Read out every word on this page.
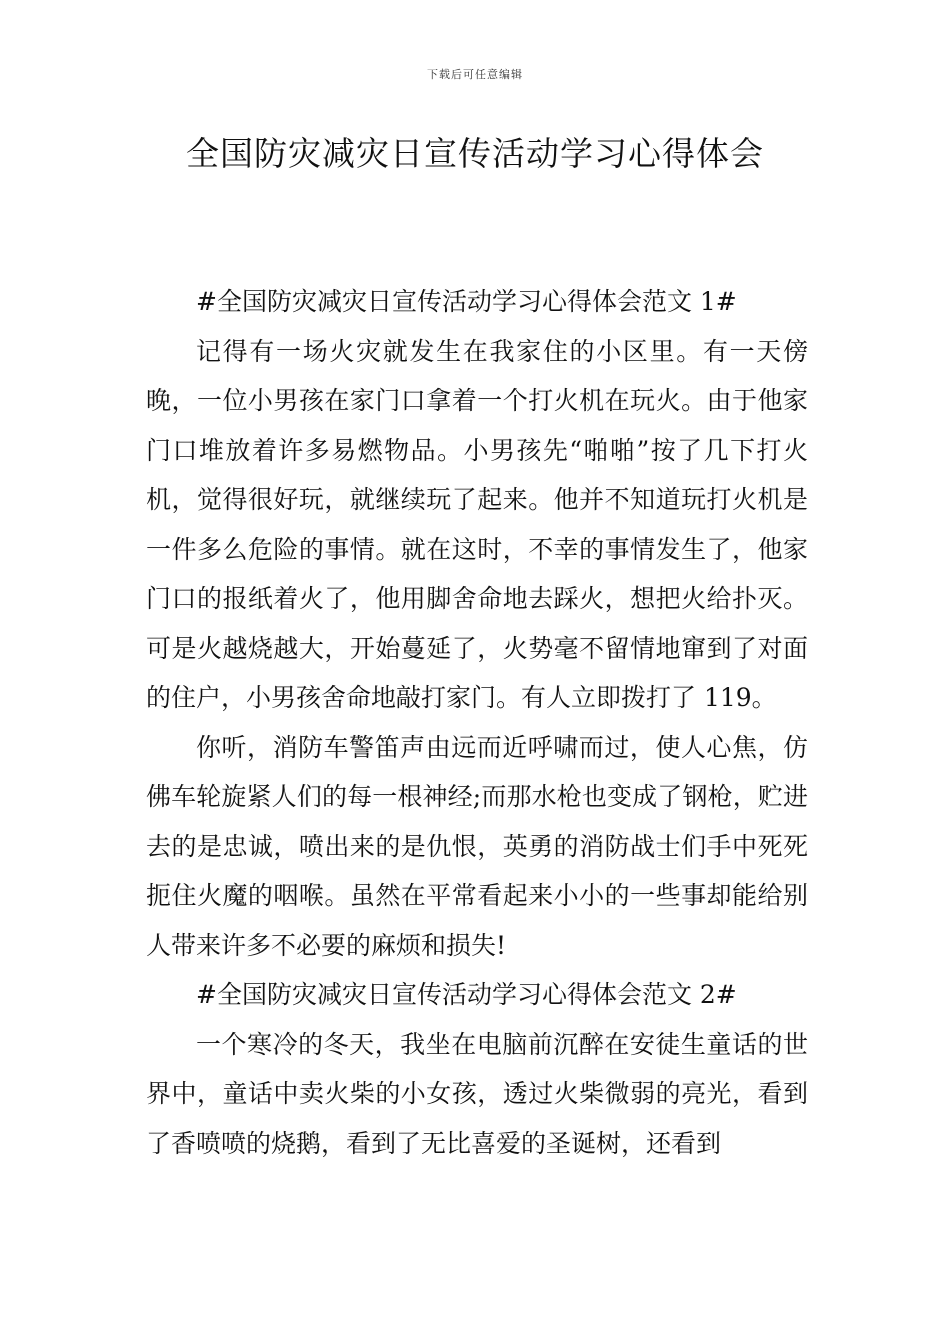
下载后可任意编辑
全国防灾减灾日宣传活动学习心得体会

#全国防灾减灾日宣传活动学习心得体会范文 1#

记得有一场火灾就发生在我家住的小区里。有一天傍晚，一位小男孩在家门口拿着一个打火机在玩火。由于他家门口堆放着许多易燃物品。小男孩先“啪啪”按了几下打火机，觉得很好玩，就继续玩了起来。他并不知道玩打火机是一件多么危险的事情。就在这时，不幸的事情发生了，他家门口的报纸着火了，他用脚舍命地去踩火，想把火给扑灭。可是火越烧越大，开始蔓延了，火势毫不留情地窜到了对面的住户，小男孩舍命地敲打家门。有人立即拨打了 119。

你听，消防车警笛声由远而近呼啸而过，使人心焦，仿佛车轮旋紧人们的每一根神经;而那水枪也变成了钢枪，贮进去的是忠诚，喷出来的是仇恨，英勇的消防战士们手中死死扼住火魔的咽喉。虽然在平常看起来小小的一些事却能给别人带来许多不必要的麻烦和损失!

#全国防灾减灾日宣传活动学习心得体会范文 2#

一个寒冷的冬天，我坐在电脑前沉醉在安徒生童话的世界中，童话中卖火柴的小女孩，透过火柴微弱的亮光，看到了香喷喷的烧鹅，看到了无比喜爱的圣诞树，还看到
